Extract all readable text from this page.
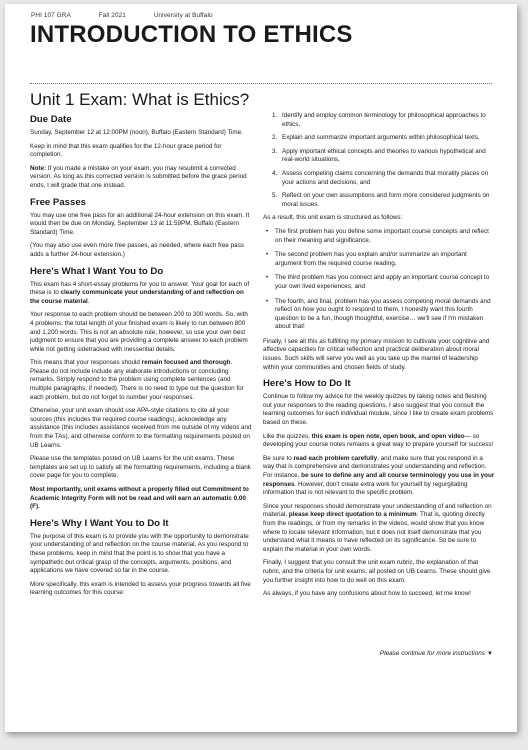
PHI 107 GRA	Fall 2021	University at Buffalo
INTRODUCTION TO ETHICS
Unit 1 Exam: What is Ethics?
Due Date

Sunday, September 12 at 12:00PM (noon), Buffalo (Eastern Standard) Time.

Keep in mind that this exam qualifies for the 12-hour grace period for completion.

Note: If you made a mistake on your exam, you may resubmit a corrected version. As long as this corrected version is submitted before the grace period ends, I will grade that one instead.

Free Passes

You may use one free pass for an additional 24-hour extension on this exam. It would then be due on Monday, September 13 at 11:59PM, Buffalo (Eastern Standard) Time.

(You may also use even more free passes, as needed, where each free pass adds a further 24-hour extension.)

Here's What I Want You to Do

This exam has 4 short-essay problems for you to answer. Your goal for each of these is to clearly communicate your understanding of and reflection on the course material.

Your response to each problem should be between 200 to 300 words. So, with 4 problems, the total length of your finished exam is likely to run between 800 and 1,200 words. This is not an absolute rule, however, so use your own best judgment to ensure that you are providing a complete answer to each problem while not getting sidetracked with inessential details.

This means that your responses should remain focused and thorough. Please do not include include any elaborate introductions or concluding remarks. Simply respond to the problem using complete sentences (and multiple paragraphs, if needed). There is no need to type out the question for each problem, but do not forget to number your responses.

Otherwise, your unit exam should use APA-style citations to cite all your sources (this includes the required course readings), acknowledge any assistance (this includes assistance received from me outside of my videos and from the TAs), and otherwise conform to the formatting requirements posted on UB Learns.

Please use the templates posted on UB Learns for the unit exams. These templates are set up to satisfy all the formatting requirements, including a blank cover page for you to complete.

Most importantly, unit exams without a properly filled out Commitment to Academic Integrity Form will not be read and will earn an automatic 0.00 (F).

Here's Why I Want You to Do It

The purpose of this exam is to provide you with the opportunity to demonstrate your understanding of and reflection on the course material. As you respond to these problems, keep in mind that the point is to show that you have a sympathetic but critical grasp of the concepts, arguments, positions, and applications we have covered so far in the course.

More specifically, this exam is intended to assess your progress towards all five learning outcomes for this course:

1. Identify and employ common terminology for philosophical approaches to ethics,
2. Explain and summarize important arguments within philosophical texts,
3. Apply important ethical concepts and theories to various hypothetical and real-world situations,
4. Assess competing claims concerning the demands that morality places on your actions and decisions, and
5. Reflect on your own assumptions and form more considered judgments on moral issues.

As a result, this unit exam is structured as follows:

• The first problem has you define some important course concepts and reflect on their meaning and significance,
• The second problem has you explain and/or summarize an important argument from the required course reading.
• The third problem has you connect and apply an important course concept to your own lived experiences, and
• The fourth, and final, problem has you assess competing moral demands and reflect on how you ought to respond to them. I honestly want this fourth question to be a fun, though thoughtful, exercise… we'll see if I'm mistaken about that!

Finally, I see all this as fulfilling my primary mission to cultivate your cognitive and affective capacities for critical reflection and practical deliberation about moral issues. Such skills will serve you well as you take up the mantel of leadership within your communities and chosen fields of study.

Here's How to Do It

Continue to follow my advice for the weekly quizzes by taking notes and fleshing out your responses to the reading questions. I also suggest that you consult the learning outcomes for each individual module, since I like to create exam problems based on these.

Like the quizzes, this exam is open note, open book, and open video— so developing your course notes remains a great way to prepare yourself for success!

Be sure to read each problem carefully, and make sure that you respond in a way that is comprehensive and demonstrates your understanding and reflection. For instance, be sure to define any and all course terminology you use in your responses. However, don't create extra work for yourself by regurgitating information that is not relevant to the specific problem.

Since your responses should demonstrate your understanding of and reflection on material, please keep direct quotation to a minimum. That is, quoting directly from the readings, or from my remarks in the videos, would show that you know where to locate relevant information, but it does not itself demonstrate that you understand what it means or have reflected on its significance. So be sure to explain the material in your own words.

Finally, I suggest that you consult the unit exam rubric, the explanation of that rubric, and the criteria for unit exams, all posted on UB Learns. These should give you further insight into how to do well on this exam.

As always, if you have any confusions about how to succeed, let me know!

Please continue for more instructions ▼
